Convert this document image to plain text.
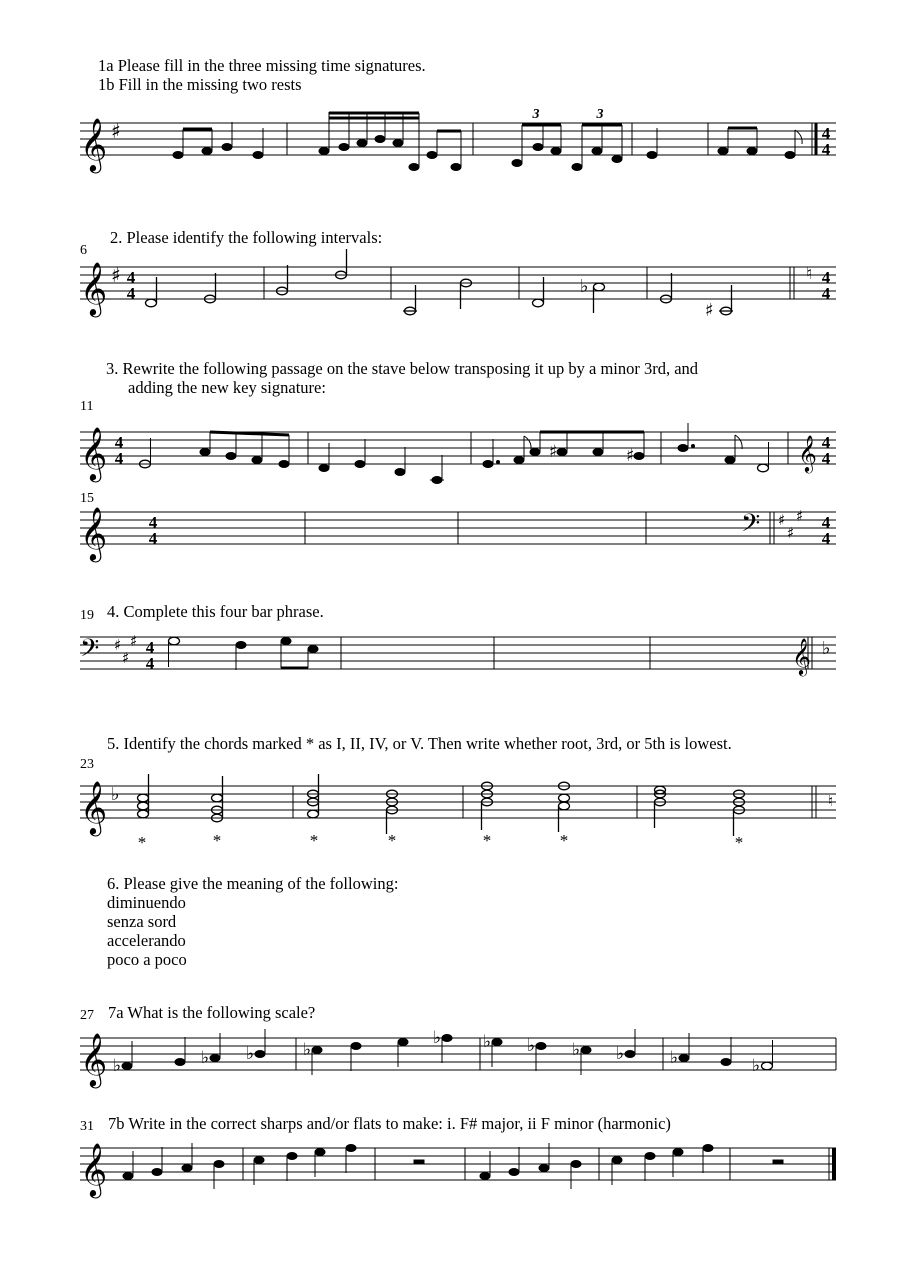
1a Please fill in the three missing time signatures.
1b Fill in the missing two rests
𝄞 ♯
3	3
4
4
6
2. Please identify the following intervals:
𝄞 ♯ 4
4	♭
♯
♮ 4
4
3. Rewrite the following passage on the stave below transposing it up by a minor 3rd, and
adding the new key signature:
11
𝄞 4
4	♯	♯	𝄞 4
4
15
𝄞 4
4	𝄢 ♯
♯
♯ 4
4
19 4. Complete this four bar phrase.
𝄢 ♯
♯
♯ 4
4	𝄞 ♭
5. Identify the chords marked * as I, II, IV, or V. Then write whether root, 3rd, or 5th is lowest.
23
𝄞 ♭	♮
*	*	*	*	*	*	*
6. Please give the meaning of the following:
diminuendo
senza sord
accelerando
poco a poco
27 7a What is the following scale?
𝄞 ♭	♭ ♭	♭
♭ ♭ ♭ ♭ ♭	♭	♭
31 7b Write in the correct sharps and/or flats to make: i. F# major, ii F minor (harmonic)
𝄞
